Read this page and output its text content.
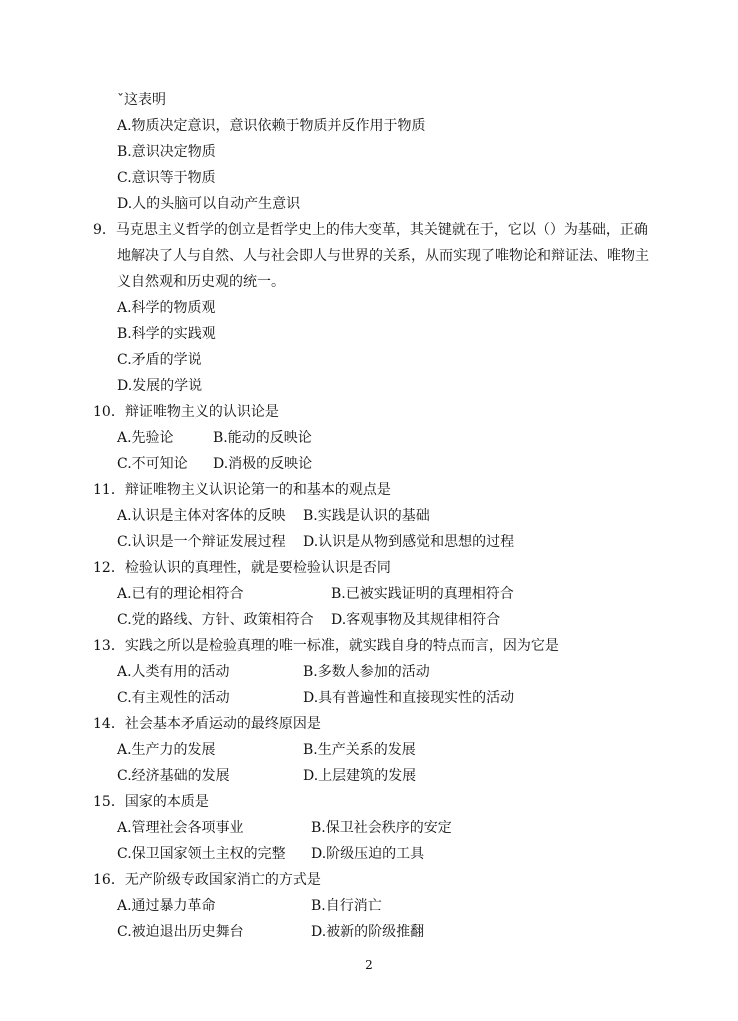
ˇ这表明
A.物质决定意识，意识依赖于物质并反作用于物质
B.意识决定物质
C.意识等于物质
D.人的头脑可以自动产生意识
9．马克思主义哲学的创立是哲学史上的伟大变革，其关键就在于，它以（）为基础，正确
地解决了人与自然、人与社会即人与世界的关系，从而实现了唯物论和辩证法、唯物主
义自然观和历史观的统一。
A.科学的物质观
B.科学的实践观
C.矛盾的学说
D.发展的学说
10．辩证唯物主义的认识论是
A.先验论	B.能动的反映论
C.不可知论 D.消极的反映论
11．辩证唯物主义认识论第一的和基本的观点是
A.认识是主体对客体的反映 B.实践是认识的基础
C.认识是一个辩证发展过程 D.认识是从物到感觉和思想的过程
12．检验认识的真理性，就是要检验认识是否同
A.已有的理论相符合	B.已被实践证明的真理相符合
C.党的路线、方针、政策相符合 D.客观事物及其规律相符合
13．实践之所以是检验真理的唯一标准，就实践自身的特点而言，因为它是
A.人类有用的活动	B.多数人参加的活动
C.有主观性的活动	D.具有普遍性和直接现实性的活动
14．社会基本矛盾运动的最终原因是
A.生产力的发展	B.生产关系的发展
C.经济基础的发展	D.上层建筑的发展
15．国家的本质是
A.管理社会各项事业	B.保卫社会秩序的安定
C.保卫国家领土主权的完整 D.阶级压迫的工具
16．无产阶级专政国家消亡的方式是
A.通过暴力革命	B.自行消亡
C.被迫退出历史舞台	D.被新的阶级推翻
2
